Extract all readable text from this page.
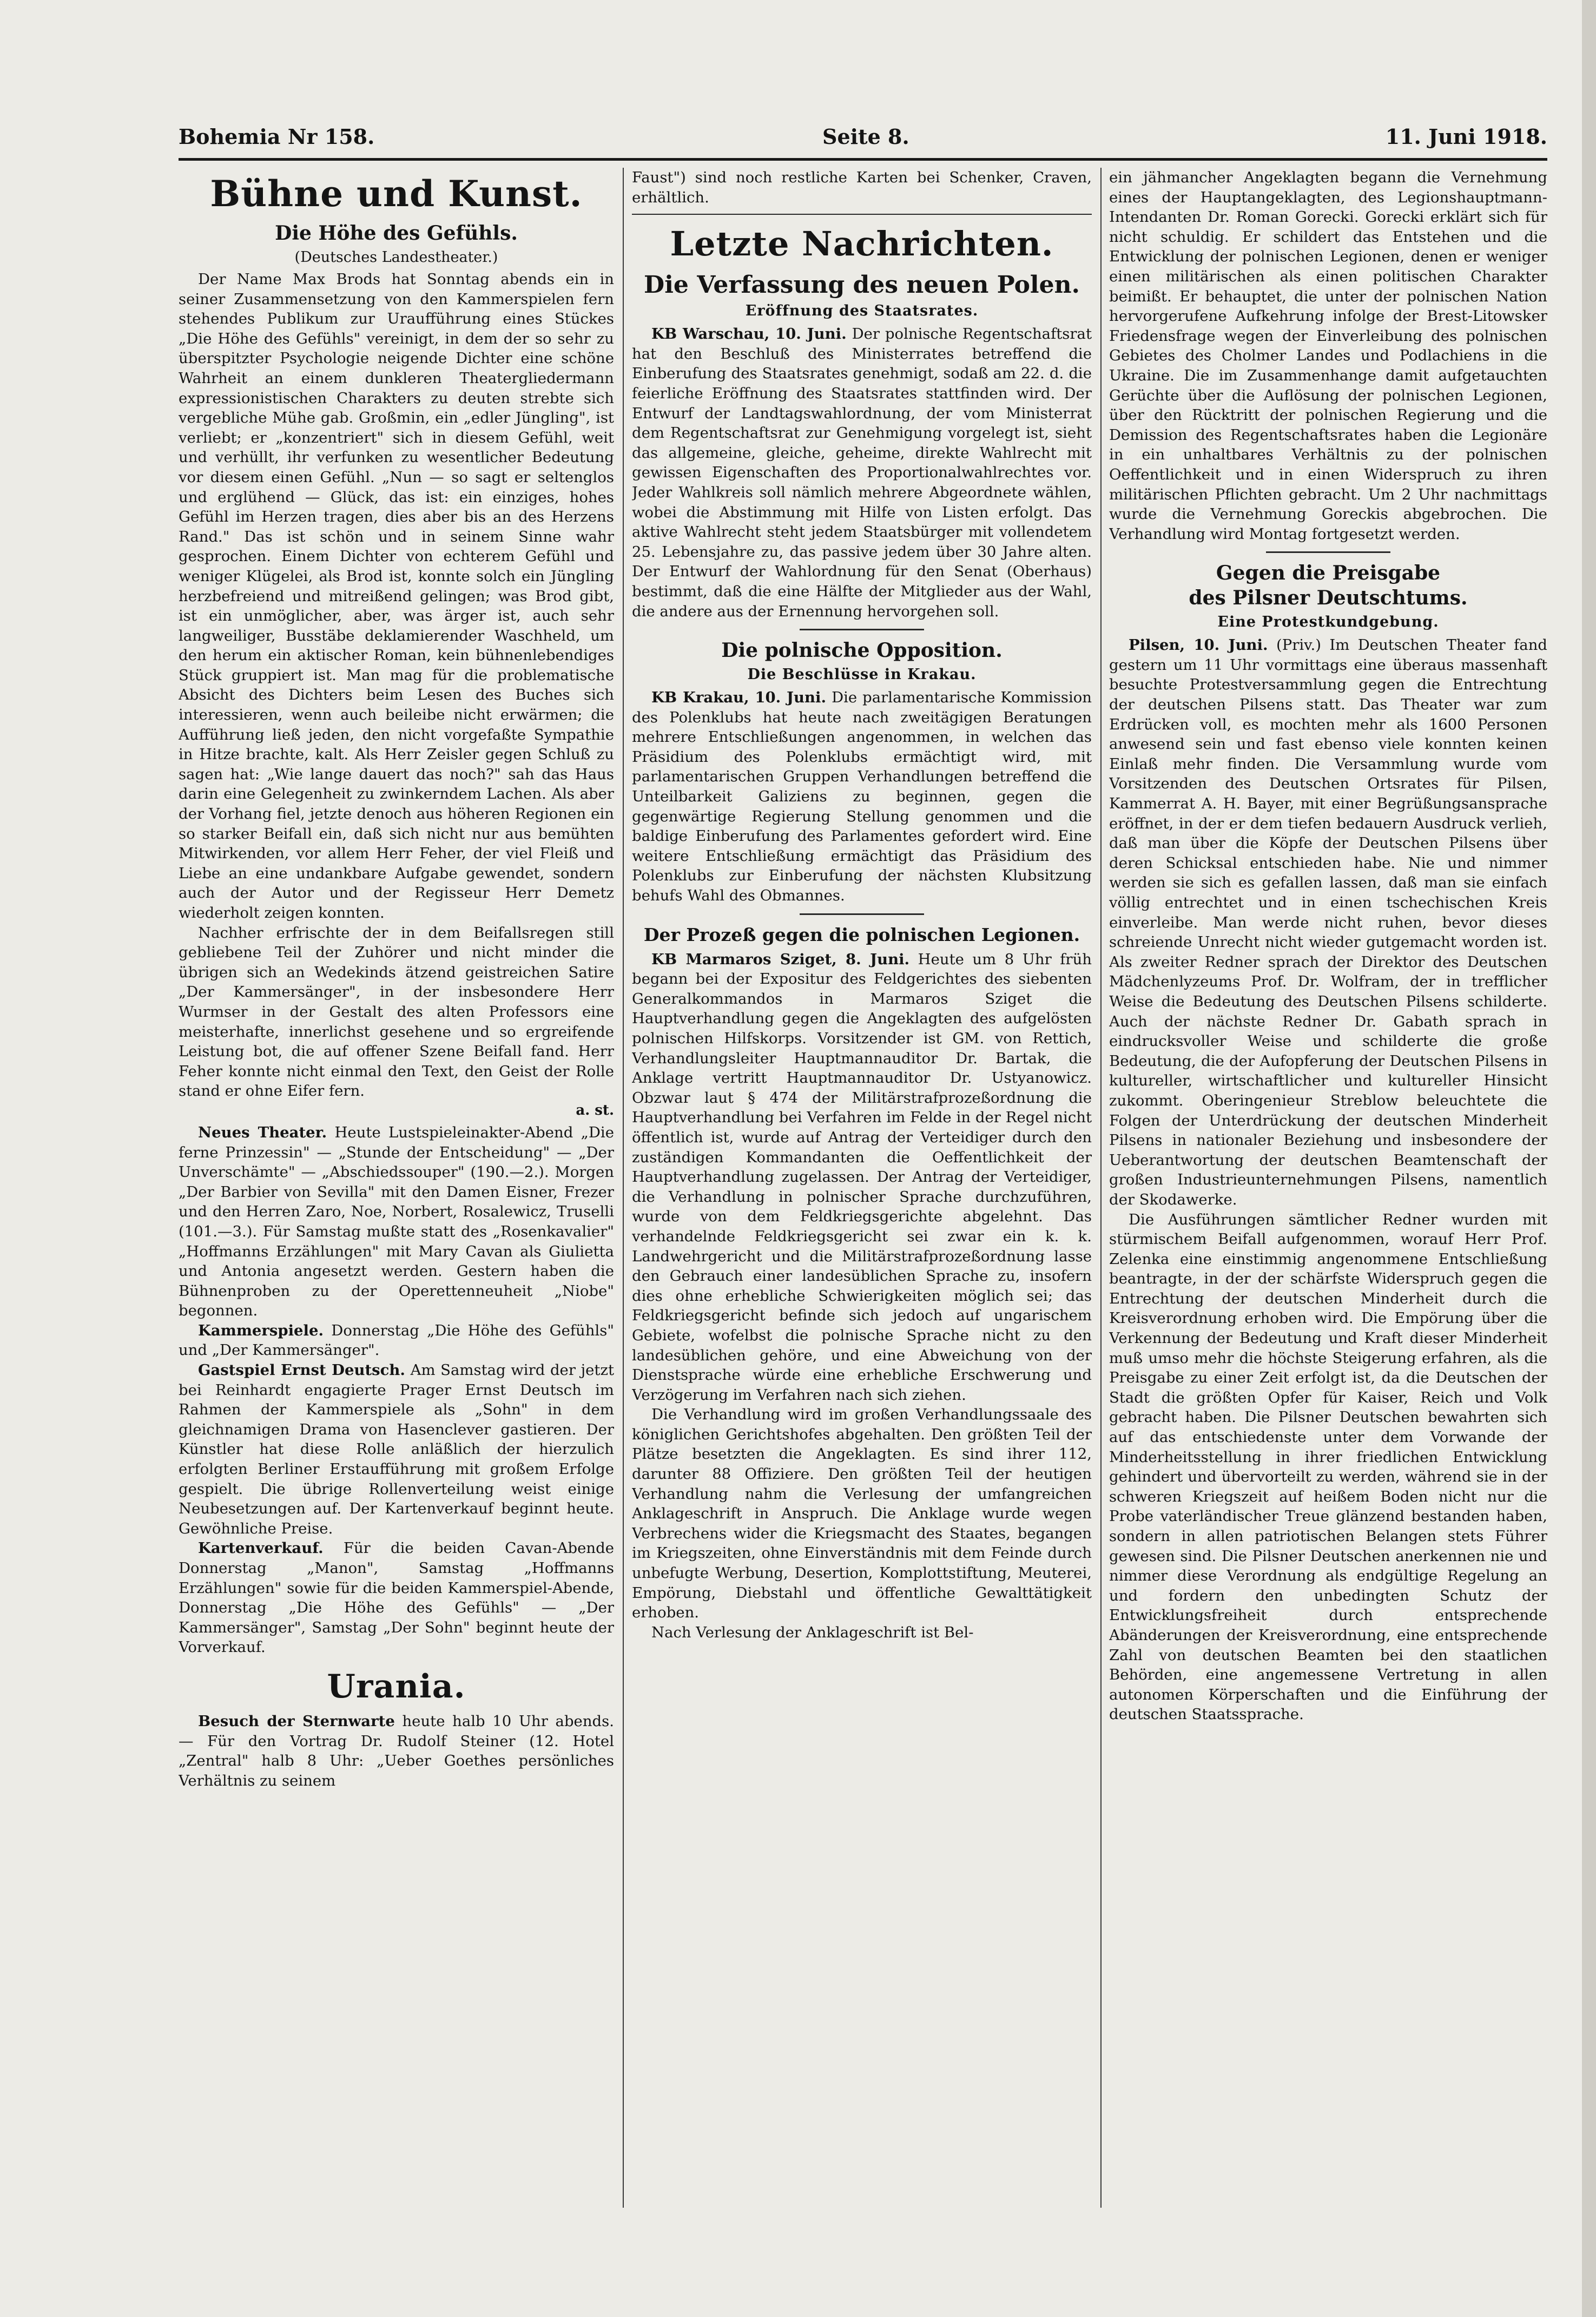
Bohemia Nr 158.	Seite 8.	11. Juni 1918.
Bühne und Kunst.
Die Höhe des Gefühls.
(Deutsches Landestheater.)

Der Name Max Brods hat Sonntag abends ein in seiner Zusammensetzung von den Kammerspielen fern stehendes Publikum zur Uraufführung eines Stückes „Die Höhe des Gefühls" vereinigt, in dem der so sehr zu überspitzter Psychologie neigende Dichter eine schöne Wahrheit an einem dunkleren Theatergliedermann expressionistischen Charakters zu deuten strebte sich vergebliche Mühe gab. Großmin, ein „edler Jüngling", ist verliebt; er „konzentriert" sich in diesem Gefühl, weit und verhüllt, ihr verfunken zu wesentlicher Bedeutung vor diesem einen Gefühl. „Nun — so sagt er seltenglos und erglühend — Glück, das ist: ein einziges, hohes Gefühl im Herzen tragen, dies aber bis an des Herzens Rand." Das ist schön und in seinem Sinne wahr gesprochen. Einem Dichter von echterem Gefühl und weniger Klügelei, als Brod ist, konnte solch ein Jüngling herzbefreiend und mitreißend gelingen; was Brod gibt, ist ein unmöglicher, aber, was ärger ist, auch sehr langweiliger, Busstäbe deklamierender Waschheld, um den herum ein aktischer Roman, kein bühnenlebendiges Stück gruppiert ist. Man mag für die problematische Absicht des Dichters beim Lesen des Buches sich interessieren, wenn auch beileibe nicht erwärmen; die Aufführung ließ jeden, den nicht vorgefaßte Sympathie in Hitze brachte, kalt. Als Herr Zeisler gegen Schluß zu sagen hat: „Wie lange dauert das noch?" sah das Haus darin eine Gelegenheit zu zwinkerndem Lachen. Als aber der Vorhang fiel, jetzte denoch aus höheren Regionen ein so starker Beifall ein, daß sich nicht nur aus bemühten Mitwirkenden, vor allem Herr Feher, der viel Fleiß und Liebe an eine undankbare Aufgabe gewendet, sondern auch der Autor und der Regisseur Herr Demetz wiederholt zeigen konnten.

Nachher erfrischte der in dem Beifallsregen still gebliebene Teil der Zuhörer und nicht minder die übrigen sich an Wedekinds ätzend geistreichen Satire „Der Kammersänger", in der insbesondere Herr Wurmser in der Gestalt des alten Professors eine meisterhafte, innerlichst gesehene und so ergreifende Leistung bot, die auf offener Szene Beifall fand. Herr Feher konnte nicht einmal den Text, den Geist der Rolle stand er ohne Eifer fern.

a. st.

Neues Theater. Heute Lustspieleinakter-Abend „Die ferne Prinzessin" — „Stunde der Entscheidung" — „Der Unverschämte" — „Abschiedssouper" (190.—2.). Morgen „Der Barbier von Sevilla" mit den Damen Eisner, Frezer und den Herren Zaro, Noe, Norbert, Rosalewicz, Truselli (101.—3.). Für Samstag mußte statt des „Rosenkavalier" „Hoffmanns Erzählungen" mit Mary Cavan als Giulietta und Antonia angesetzt werden. Gestern haben die Bühnenproben zu der Operettenneuheit „Niobe" begonnen.

Kammerspiele. Donnerstag „Die Höhe des Gefühls" und „Der Kammersänger".

Gastspiel Ernst Deutsch. Am Samstag wird der jetzt bei Reinhardt engagierte Prager Ernst Deutsch im Rahmen der Kammerspiele als „Sohn" in dem gleichnamigen Drama von Hasenclever gastieren. Der Künstler hat diese Rolle anläßlich der hierzulich erfolgten Berliner Erstaufführung mit großem Erfolge gespielt. Die übrige Rollenverteilung weist einige Neubesetzungen auf. Der Kartenverkauf beginnt heute. Gewöhnliche Preise.

Kartenverkauf. Für die beiden Cavan-Abende Donnerstag „Manon", Samstag „Hoffmanns Erzählungen" sowie für die beiden Kammerspiel-Abende, Donnerstag „Die Höhe des Gefühls" — „Der Kammersänger", Samstag „Der Sohn" beginnt heute der Vorverkauf.

Urania.

Besuch der Sternwarte heute halb 10 Uhr abends. — Für den Vortrag Dr. Rudolf Steiner (12. Hotel „Zentral" halb 8 Uhr: „Ueber Goethes persönliches Verhältnis zu seinem

Faust") sind noch restliche Karten bei Schenker, Craven, erhältlich.

Letzte Nachrichten.
Die Verfassung des neuen Polen.
Eröffnung des Staatsrates.

KB Warschau, 10. Juni. Der polnische Regentschaftsrat hat den Beschluß des Ministerrates betreffend die Einberufung des Staatsrates genehmigt, sodaß am 22. d. die feierliche Eröffnung des Staatsrates stattfinden wird. Der Entwurf der Landtagswahlordnung, der vom Ministerrat dem Regentschaftsrat zur Genehmigung vorgelegt ist, sieht das allgemeine, gleiche, geheime, direkte Wahlrecht mit gewissen Eigenschaften des Proportionalwahlrechtes vor. Jeder Wahlkreis soll nämlich mehrere Abgeordnete wählen, wobei die Abstimmung mit Hilfe von Listen erfolgt. Das aktive Wahlrecht steht jedem Staatsbürger mit vollendetem 25. Lebensjahre zu, das passive jedem über 30 Jahre alten. Der Entwurf der Wahlordnung für den Senat (Oberhaus) bestimmt, daß die eine Hälfte der Mitglieder aus der Wahl, die andere aus der Ernennung hervorgehen soll.

Die polnische Opposition.
Die Beschlüsse in Krakau.

KB Krakau, 10. Juni. Die parlamentarische Kommission des Polenklubs hat heute nach zweitägigen Beratungen mehrere Entschließungen angenommen, in welchen das Präsidium des Polenklubs ermächtigt wird, mit parlamentarischen Gruppen Verhandlungen betreffend die Unteilbarkeit Galiziens zu beginnen, gegen die gegenwärtige Regierung Stellung genommen und die baldige Einberufung des Parlamentes gefordert wird. Eine weitere Entschließung ermächtigt das Präsidium des Polenklubs zur Einberufung der nächsten Klubsitzung behufs Wahl des Obmannes.

Der Prozeß gegen die polnischen Legionen.

KB Marmaros Sziget, 8. Juni. Heute um 8 Uhr früh begann bei der Expositur des Feldgerichtes des siebenten Generalkommandos in Marmaros Sziget die Hauptverhandlung gegen die Angeklagten des aufgelösten polnischen Hilfskorps. Vorsitzender ist GM. von Rettich, Verhandlungsleiter Hauptmannauditor Dr. Bartak, die Anklage vertritt Hauptmannauditor Dr. Ustyanowicz. Obzwar laut § 474 der Militärstrafprozeßordnung die Hauptverhandlung bei Verfahren im Felde in der Regel nicht öffentlich ist, wurde auf Antrag der Verteidiger durch den zuständigen Kommandanten die Oeffentlichkeit der Hauptverhandlung zugelassen. Der Antrag der Verteidiger, die Verhandlung in polnischer Sprache durchzuführen, wurde von dem Feldkriegsgerichte abgelehnt. Das verhandelnde Feldkriegsgericht sei zwar ein k. k. Landwehrgericht und die Militärstrafprozeßordnung lasse den Gebrauch einer landesüblichen Sprache zu, insofern dies ohne erhebliche Schwierigkeiten möglich sei; das Feldkriegsgericht befinde sich jedoch auf ungarischem Gebiete, wofelbst die polnische Sprache nicht zu den landesüblichen gehöre, und eine Abweichung von der Dienstsprache würde eine erhebliche Erschwerung und Verzögerung im Verfahren nach sich ziehen.

Die Verhandlung wird im großen Verhandlungssaale des königlichen Gerichtshofes abgehalten. Den größten Teil der Plätze besetzten die Angeklagten. Es sind ihrer 112, darunter 88 Offiziere. Den größten Teil der heutigen Verhandlung nahm die Verlesung der umfangreichen Anklageschrift in Anspruch. Die Anklage wurde wegen Verbrechens wider die Kriegsmacht des Staates, begangen im Kriegszeiten, ohne Einverständnis mit dem Feinde durch unbefugte Werbung, Desertion, Komplottstiftung, Meuterei, Empörung, Diebstahl und öffentliche Gewalttätigkeit erhoben.

Nach Verlesung der Anklageschrift ist Bel-

ein jähmancher Angeklagten begann die Vernehmung eines der Hauptangeklagten, des Legionshauptmann-Intendanten Dr. Roman Gorecki. Gorecki erklärt sich für nicht schuldig. Er schildert das Entstehen und die Entwicklung der polnischen Legionen, denen er weniger einen militärischen als einen politischen Charakter beimißt. Er behauptet, die unter der polnischen Nation hervorgerufene Aufkehrung infolge der Brest-Litowsker Friedensfrage wegen der Einverleibung des polnischen Gebietes des Cholmer Landes und Podlachiens in die Ukraine. Die im Zusammenhange damit aufgetauchten Gerüchte über die Auflösung der polnischen Legionen, über den Rücktritt der polnischen Regierung und die Demission des Regentschaftsrates haben die Legionäre in ein unhaltbares Verhältnis zu der polnischen Oeffentlichkeit und in einen Widerspruch zu ihren militärischen Pflichten gebracht. Um 2 Uhr nachmittags wurde die Vernehmung Goreckis abgebrochen. Die Verhandlung wird Montag fortgesetzt werden.

Gegen die Preisgabe
des Pilsner Deutschtums.
Eine Protestkundgebung.

Pilsen, 10. Juni. (Priv.) Im Deutschen Theater fand gestern um 11 Uhr vormittags eine überaus massenhaft besuchte Protestversammlung gegen die Entrechtung der deutschen Pilsens statt. Das Theater war zum Erdrücken voll, es mochten mehr als 1600 Personen anwesend sein und fast ebenso viele konnten keinen Einlaß mehr finden. Die Versammlung wurde vom Vorsitzenden des Deutschen Ortsrates für Pilsen, Kammerrat A. H. Bayer, mit einer Begrüßungsansprache eröffnet, in der er dem tiefen bedauern Ausdruck verlieh, daß man über die Köpfe der Deutschen Pilsens über deren Schicksal entschieden habe. Nie und nimmer werden sie sich es gefallen lassen, daß man sie einfach völlig entrechtet und in einen tschechischen Kreis einverleibe. Man werde nicht ruhen, bevor dieses schreiende Unrecht nicht wieder gutgemacht worden ist. Als zweiter Redner sprach der Direktor des Deutschen Mädchenlyzeums Prof. Dr. Wolfram, der in trefflicher Weise die Bedeutung des Deutschen Pilsens schilderte. Auch der nächste Redner Dr. Gabath sprach in eindrucksvoller Weise und schilderte die große Bedeutung, die der Aufopferung der Deutschen Pilsens in kultureller, wirtschaftlicher und kultureller Hinsicht zukommt. Oberingenieur Streblow beleuchtete die Folgen der Unterdrückung der deutschen Minderheit Pilsens in nationaler Beziehung und insbesondere der Ueberantwortung der deutschen Beamtenschaft der großen Industrieunternehmungen Pilsens, namentlich der Skodawerke.

Die Ausführungen sämtlicher Redner wurden mit stürmischem Beifall aufgenommen, worauf Herr Prof. Zelenka eine einstimmig angenommene Entschließung beantragte, in der der schärfste Widerspruch gegen die Entrechtung der deutschen Minderheit durch die Kreisverordnung erhoben wird. Die Empörung über die Verkennung der Bedeutung und Kraft dieser Minderheit muß umso mehr die höchste Steigerung erfahren, als die Preisgabe zu einer Zeit erfolgt ist, da die Deutschen der Stadt die größten Opfer für Kaiser, Reich und Volk gebracht haben. Die Pilsner Deutschen bewahrten sich auf das entschiedenste unter dem Vorwande der Minderheitsstellung in ihrer friedlichen Entwicklung gehindert und übervorteilt zu werden, während sie in der schweren Kriegszeit auf heißem Boden nicht nur die Probe vaterländischer Treue glänzend bestanden haben, sondern in allen patriotischen Belangen stets Führer gewesen sind. Die Pilsner Deutschen anerkennen nie und nimmer diese Verordnung als endgültige Regelung an und fordern den unbedingten Schutz der Entwicklungsfreiheit durch entsprechende Abänderungen der Kreisverordnung, eine entsprechende Zahl von deutschen Beamten bei den staatlichen Behörden, eine angemessene Vertretung in allen autonomen Körperschaften und die Einführung der deutschen Staatssprache.
